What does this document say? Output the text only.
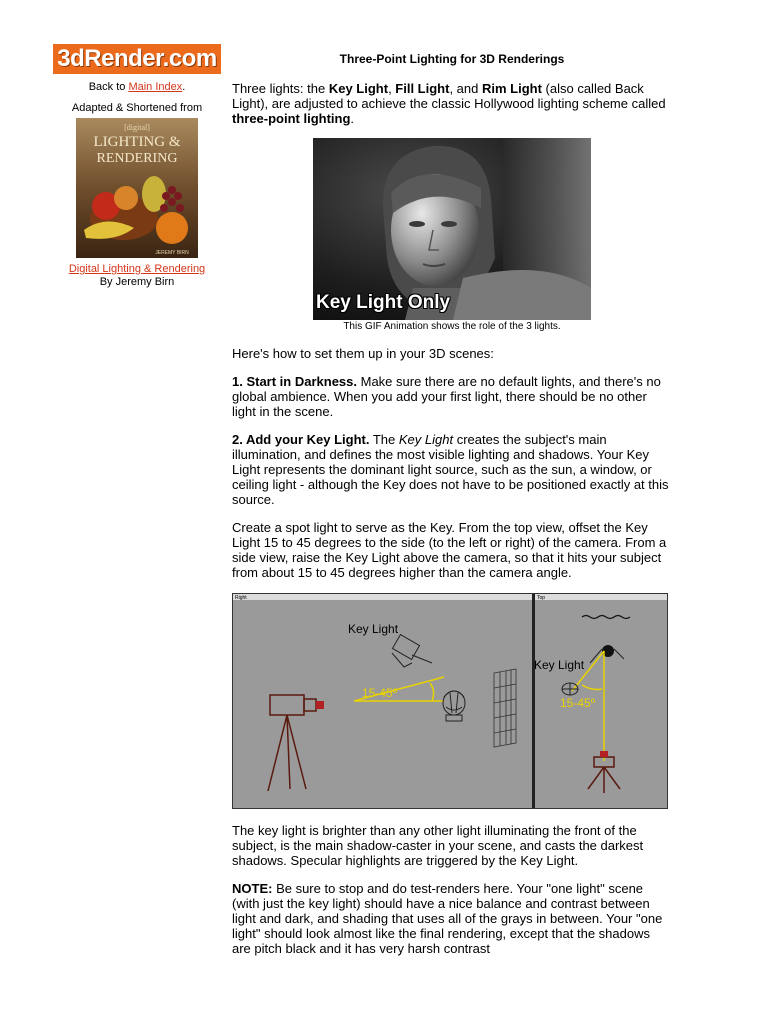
3dRender.com
Back to Main Index.
Adapted & Shortened from
[digital]
LIGHTING &
RENDERING
JEREMY BIRN
Digital Lighting & Rendering
By Jeremy Birn
Three-Point Lighting for 3D Renderings

Three lights: the Key Light, Fill Light, and Rim Light (also called Back Light), are adjusted to achieve the classic Hollywood lighting scheme called three-point lighting.

Key Light Only
This GIF Animation shows the role of the 3 lights.

Here's how to set them up in your 3D scenes:

1. Start in Darkness. Make sure there are no default lights, and there's no global ambience. When you add your first light, there should be no other light in the scene.

2. Add your Key Light. The Key Light creates the subject's main illumination, and defines the most visible lighting and shadows. Your Key Light represents the dominant light source, such as the sun, a window, or ceiling light - although the Key does not have to be positioned exactly at this source.

Create a spot light to serve as the Key. From the top view, offset the Key Light 15 to 45 degrees to the side (to the left or right) of the camera. From a side view, raise the Key Light above the camera, so that it hits your subject from about 15 to 45 degrees higher than the camera angle.

Right	Top
Key Light
15-45º
Key Light
15-45º

The key light is brighter than any other light illuminating the front of the subject, is the main shadow-caster in your scene, and casts the darkest shadows. Specular highlights are triggered by the Key Light.

NOTE: Be sure to stop and do test-renders here. Your "one light" scene (with just the key light) should have a nice balance and contrast between light and dark, and shading that uses all of the grays in between. Your "one light" should look almost like the final rendering, except that the shadows are pitch black and it has very harsh contrast
